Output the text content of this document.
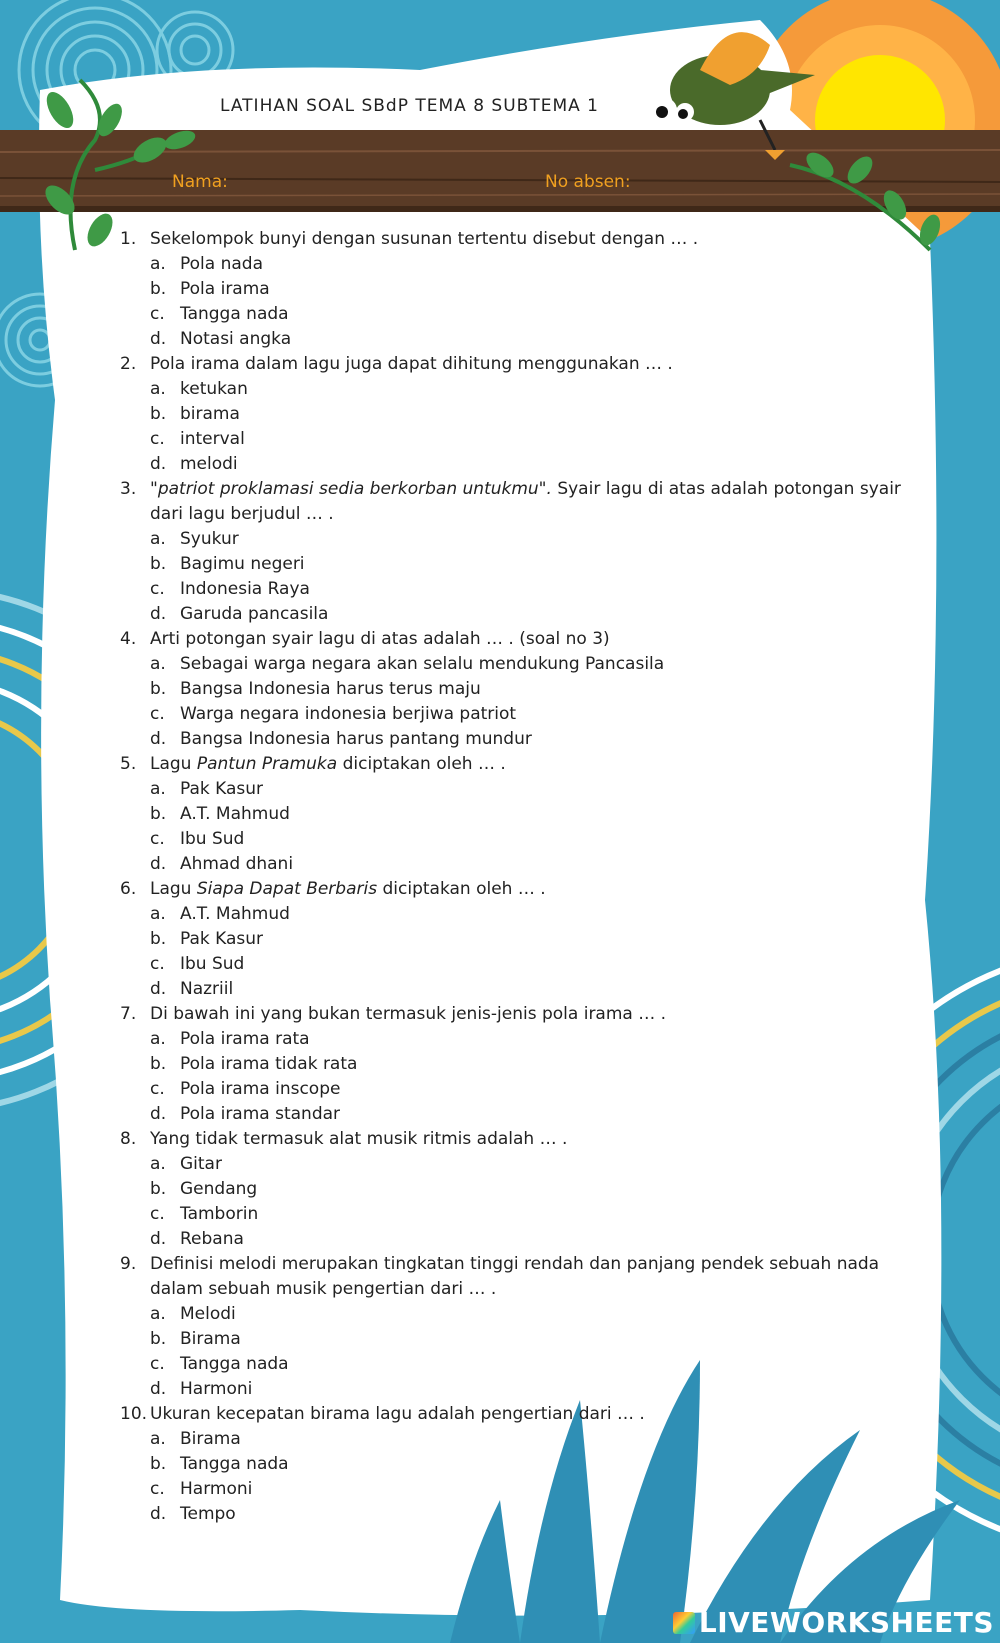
LATIHAN SOAL SBdP TEMA 8 SUBTEMA 1
Nama:	No absen:
1. Sekelompok bunyi dengan susunan tertentu disebut dengan … .
a. Pola nada
b. Pola irama
c. Tangga nada
d. Notasi angka
2. Pola irama dalam lagu juga dapat dihitung menggunakan … .
a. ketukan
b. birama
c. interval
d. melodi
3. "patriot proklamasi sedia berkorban untukmu". Syair lagu di atas adalah potongan syair dari lagu berjudul … .
a. Syukur
b. Bagimu negeri
c. Indonesia Raya
d. Garuda pancasila
4. Arti potongan syair lagu di atas adalah … . (soal no 3)
a. Sebagai warga negara akan selalu mendukung Pancasila
b. Bangsa Indonesia harus terus maju
c. Warga negara indonesia berjiwa patriot
d. Bangsa Indonesia harus pantang mundur
5. Lagu Pantun Pramuka diciptakan oleh … .
a. Pak Kasur
b. A.T. Mahmud
c. Ibu Sud
d. Ahmad dhani
6. Lagu Siapa Dapat Berbaris diciptakan oleh … .
a. A.T. Mahmud
b. Pak Kasur
c. Ibu Sud
d. Nazriil
7. Di bawah ini yang bukan termasuk jenis-jenis pola irama … .
a. Pola irama rata
b. Pola irama tidak rata
c. Pola irama inscope
d. Pola irama standar
8. Yang tidak termasuk alat musik ritmis adalah … .
a. Gitar
b. Gendang
c. Tamborin
d. Rebana
9. Definisi melodi merupakan tingkatan tinggi rendah dan panjang pendek sebuah nada dalam sebuah musik pengertian dari … .
a. Melodi
b. Birama
c. Tangga nada
d. Harmoni
10. Ukuran kecepatan birama lagu adalah pengertian dari … .
a. Birama
b. Tangga nada
c. Harmoni
d. Tempo
LIVEWORKSHEETS
